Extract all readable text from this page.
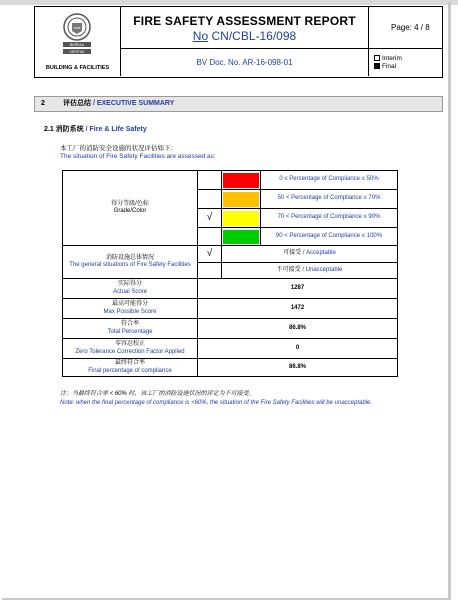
BUREAU
VERITAS
1828
BUILDING & FACILITIES
FIRE SAFETY ASSESSMENT REPORT
No CN/CBL-16/098
Page: 4 / 8
BV Doc. No. AR-16-098-01	Interim
Final
2	评估总结 / EXECUTIVE SUMMARY
2.1 消防系统 / Fire & Life Safety
本工厂的消防安全设施的状况评估如下：
The situation of Fire Safety Facilities are assessed as:
得分等级/色标
Grade/Color
0 ≤ Percentage of Compliance ≤ 50%
50 < Percentage of Compliance ≤ 70%
√	70 < Percentage of Compliance ≤ 90%
90 < Percentage of Compliance ≤ 100%
消防设施总体情况
The general situations of Fire Safety Facilities
√	可接受 / Acceptable
不可接受 / Unacceptable
实际得分
Actual Score
1287
最高可能得分
Max Possible Score
1472
符合率
Total Percentage
86.8%
零容忍校正
Zero Tolerance Correction Factor Applied
0
最终符合率
Final percentage of compliance
86.8%
注：当最终符合率 < 60% 时，该工厂的消防设施状况的评定为不可接受。
Note: when the final percentage of compliance is <60%, the situation of the Fire Safety Facilities will be unacceptable.
